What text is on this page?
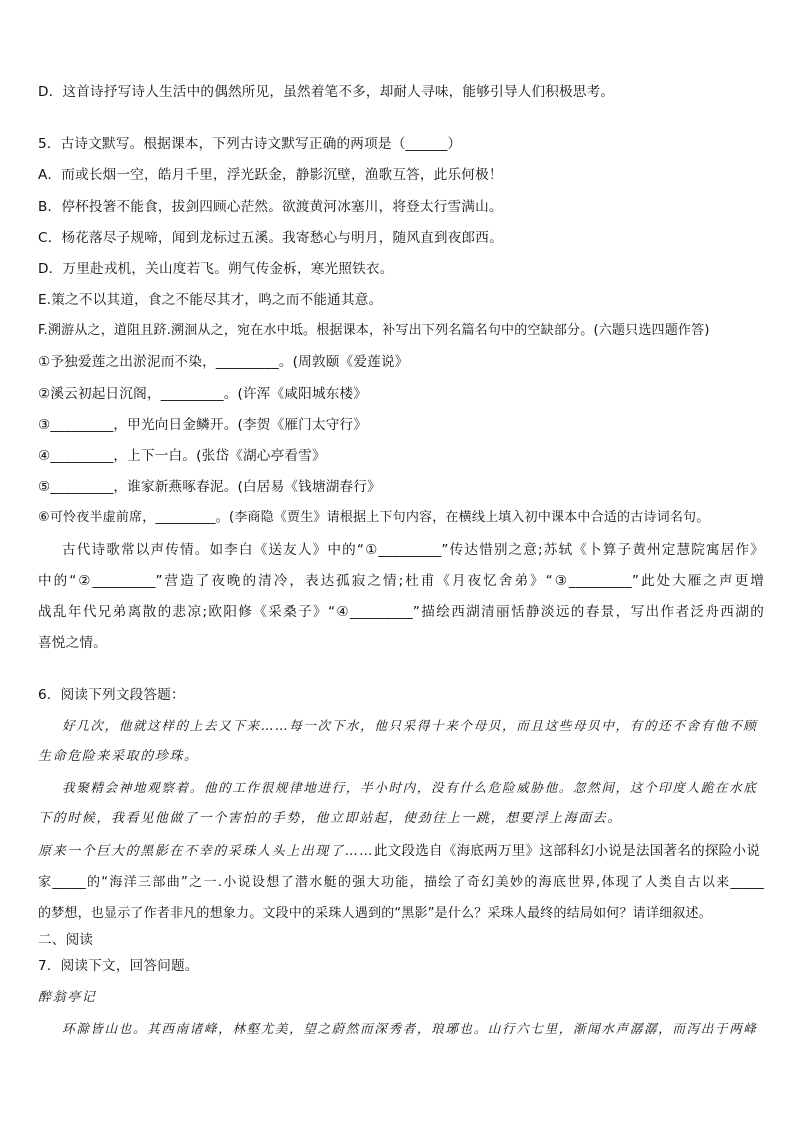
D．这首诗抒写诗人生活中的偶然所见，虽然着笔不多，却耐人寻味，能够引导人们积极思考。
5．古诗文默写。根据课本，下列古诗文默写正确的两项是（______）
A．而或长烟一空，皓月千里，浮光跃金，静影沉壁，渔歌互答，此乐何极！
B．停杯投箸不能食，拔剑四顾心茫然。欲渡黄河冰塞川，将登太行雪满山。
C．杨花落尽子规啼，闻到龙标过五溪。我寄愁心与明月，随风直到夜郎西。
D．万里赴戎机，关山度若飞。朔气传金柝，寒光照铁衣。
E.策之不以其道，食之不能尽其才，鸣之而不能通其意。
F.溯游从之，道阻且跻.溯洄从之，宛在水中坻。根据课本，补写出下列名篇名句中的空缺部分。(六题只选四题作答)
①予独爱莲之出淤泥而不染，_________。(周敦颐《爱莲说》
②溪云初起日沉阁，_________。(许浑《咸阳城东楼》
③_________，甲光向日金鳞开。(李贺《雁门太守行》
④_________，上下一白。(张岱《湖心亭看雪》
⑤_________，谁家新燕啄春泥。(白居易《钱塘湖春行》
⑥可怜夜半虚前席，_________。(李商隐《贾生》请根据上下句内容，在横线上填入初中课本中合适的古诗词名句。
古代诗歌常以声传情。如李白《送友人》中的“①_________”传达惜别之意;苏轼《卜算子黄州定慧院寓居作》
中的“②_________”营造了夜晚的清冷，表达孤寂之情;杜甫《月夜忆舍弟》“③_________”此处大雁之声更增
战乱年代兄弟离散的悲凉;欧阳修《采桑子》“④_________”描绘西湖清丽恬静淡远的春景，写出作者泛舟西湖的
喜悦之情。
6．阅读下列文段答题：
好几次，他就这样的上去又下来……每一次下水，他只采得十来个母贝，而且这些母贝中，有的还不舍有他不顾
生命危险来采取的珍珠。
我聚精会神地观察着。他的工作很规律地进行，半小时内，没有什么危险威胁他。忽然间，这个印度人跪在水底
下的时候，我看见他做了一个害怕的手势，他立即站起，使劲往上一跳，想要浮上海面去。
原来一个巨大的黑影在不幸的采珠人头上出现了……此文段选自《海底两万里》这部科幻小说是法国著名的探险小说
家_____的“海洋三部曲”之一.小说设想了潜水艇的强大功能，描绘了奇幻美妙的海底世界,体现了人类自古以来_____
的梦想，也显示了作者非凡的想象力。文段中的采珠人遇到的“黑影”是什么？采珠人最终的结局如何？请详细叙述。
二、阅读
7．阅读下文，回答问题。
醉翁亭记
环滁皆山也。其西南诸峰，林壑尤美，望之蔚然而深秀者，琅琊也。山行六七里，渐闻水声潺潺，而泻出于两峰
